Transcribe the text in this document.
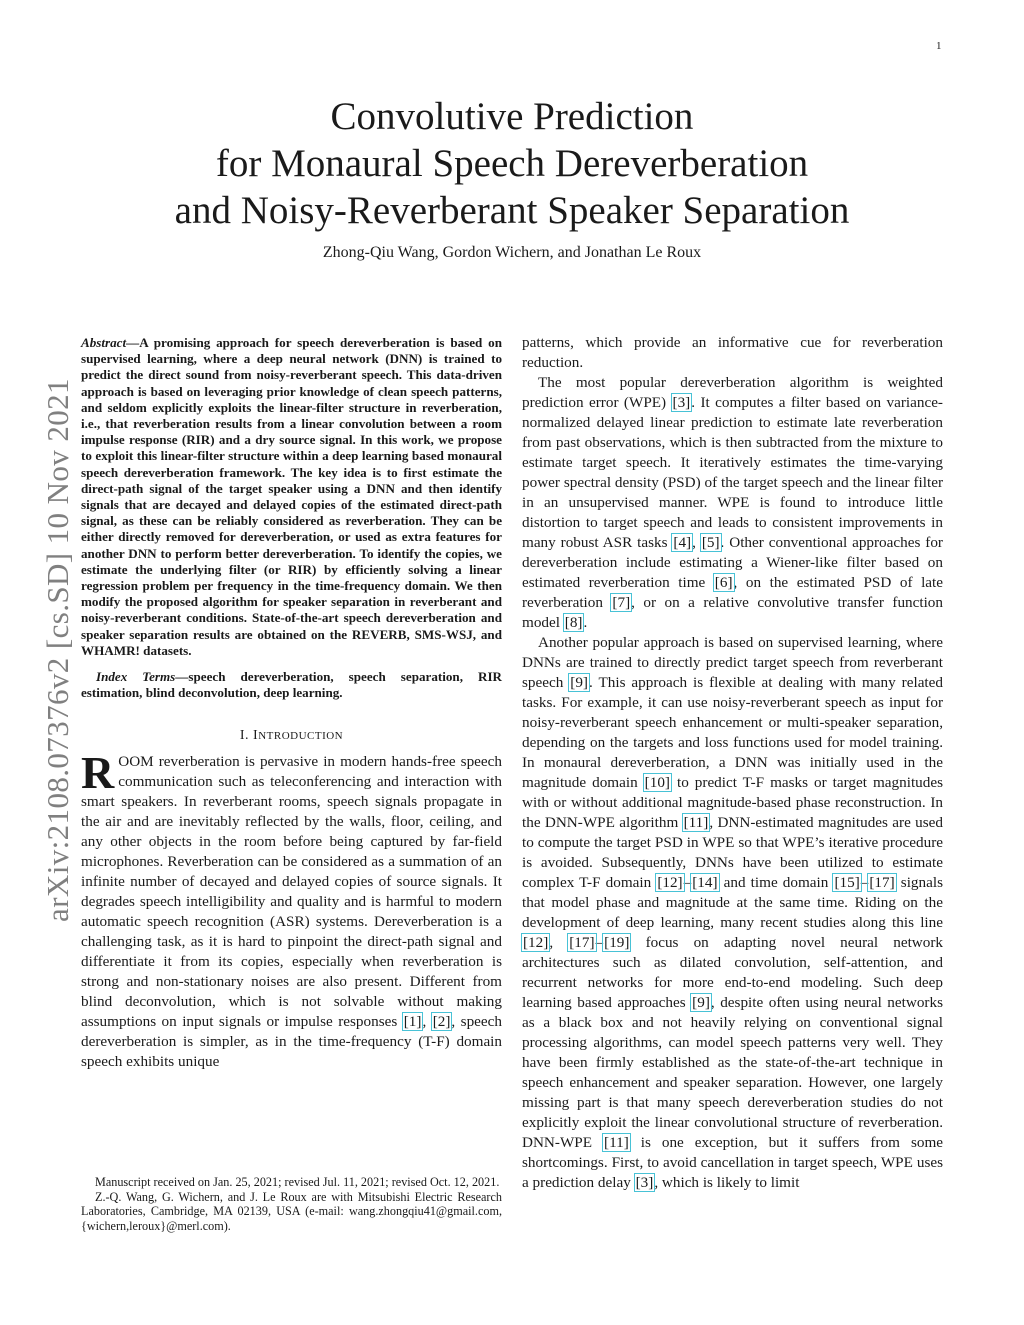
1
arXiv:2108.07376v2 [cs.SD] 10 Nov 2021
Convolutive Prediction
for Monaural Speech Dereverberation
and Noisy-Reverberant Speaker Separation
Zhong-Qiu Wang, Gordon Wichern, and Jonathan Le Roux

Abstract—A promising approach for speech dereverberation is based on supervised learning, where a deep neural network (DNN) is trained to predict the direct sound from noisy-reverberant speech. This data-driven approach is based on leveraging prior knowledge of clean speech patterns, and seldom explicitly exploits the linear-filter structure in reverberation, i.e., that reverberation results from a linear convolution between a room impulse response (RIR) and a dry source signal. In this work, we propose to exploit this linear-filter structure within a deep learning based monaural speech dereverberation framework. The key idea is to first estimate the direct-path signal of the target speaker using a DNN and then identify signals that are decayed and delayed copies of the estimated direct-path signal, as these can be reliably considered as reverberation. They can be either directly removed for dereverberation, or used as extra features for another DNN to perform better dereverberation. To identify the copies, we estimate the underlying filter (or RIR) by efficiently solving a linear regression problem per frequency in the time-frequency domain. We then modify the proposed algorithm for speaker separation in reverberant and noisy-reverberant conditions. State-of-the-art speech dereverberation and speaker separation results are obtained on the REVERB, SMS-WSJ, and WHAMR! datasets.

Index Terms—speech dereverberation, speech separation, RIR estimation, blind deconvolution, deep learning.

I. INTRODUCTION

ROOM reverberation is pervasive in modern hands-free speech communication such as teleconferencing and interaction with smart speakers. In reverberant rooms, speech signals propagate in the air and are inevitably reflected by the walls, floor, ceiling, and any other objects in the room before being captured by far-field microphones. Reverberation can be considered as a summation of an infinite number of decayed and delayed copies of source signals. It degrades speech intelligibility and quality and is harmful to modern automatic speech recognition (ASR) systems. Dereverberation is a challenging task, as it is hard to pinpoint the direct-path signal and differentiate it from its copies, especially when reverberation is strong and non-stationary noises are also present. Different from blind deconvolution, which is not solvable without making assumptions on input signals or impulse responses [1], [2], speech dereverberation is simpler, as in the time-frequency (T-F) domain speech exhibits unique

patterns, which provide an informative cue for reverberation reduction.

The most popular dereverberation algorithm is weighted prediction error (WPE) [3]. It computes a filter based on variance-normalized delayed linear prediction to estimate late reverberation from past observations, which is then subtracted from the mixture to estimate target speech. It iteratively estimates the time-varying power spectral density (PSD) of the target speech and the linear filter in an unsupervised manner. WPE is found to introduce little distortion to target speech and leads to consistent improvements in many robust ASR tasks [4], [5]. Other conventional approaches for dereverberation include estimating a Wiener-like filter based on estimated reverberation time [6], on the estimated PSD of late reverberation [7], or on a relative convolutive transfer function model [8].

Another popular approach is based on supervised learning, where DNNs are trained to directly predict target speech from reverberant speech [9]. This approach is flexible at dealing with many related tasks. For example, it can use noisy-reverberant speech as input for noisy-reverberant speech enhancement or multi-speaker separation, depending on the targets and loss functions used for model training. In monaural dereverberation, a DNN was initially used in the magnitude domain [10] to predict T-F masks or target magnitudes with or without additional magnitude-based phase reconstruction. In the DNN-WPE algorithm [11], DNN-estimated magnitudes are used to compute the target PSD in WPE so that WPE’s iterative procedure is avoided. Subsequently, DNNs have been utilized to estimate complex T-F domain [12]–[14] and time domain [15]–[17] signals that model phase and magnitude at the same time. Riding on the development of deep learning, many recent studies along this line [12], [17]–[19] focus on adapting novel neural network architectures such as dilated convolution, self-attention, and recurrent networks for more end-to-end modeling. Such deep learning based approaches [9], despite often using neural networks as a black box and not heavily relying on conventional signal processing algorithms, can model speech patterns very well. They have been firmly established as the state-of-the-art technique in speech enhancement and speaker separation. However, one largely missing part is that many speech dereverberation studies do not explicitly exploit the linear convolutional structure of reverberation. DNN-WPE [11] is one exception, but it suffers from some shortcomings. First, to avoid cancellation in target speech, WPE uses a prediction delay [3], which is likely to limit

Manuscript received on Jan. 25, 2021; revised Jul. 11, 2021; revised Oct. 12, 2021.

Z.-Q. Wang, G. Wichern, and J. Le Roux are with Mitsubishi Electric Research Laboratories, Cambridge, MA 02139, USA (e-mail: wang.zhongqiu41@gmail.com, {wichern,leroux}@merl.com).
